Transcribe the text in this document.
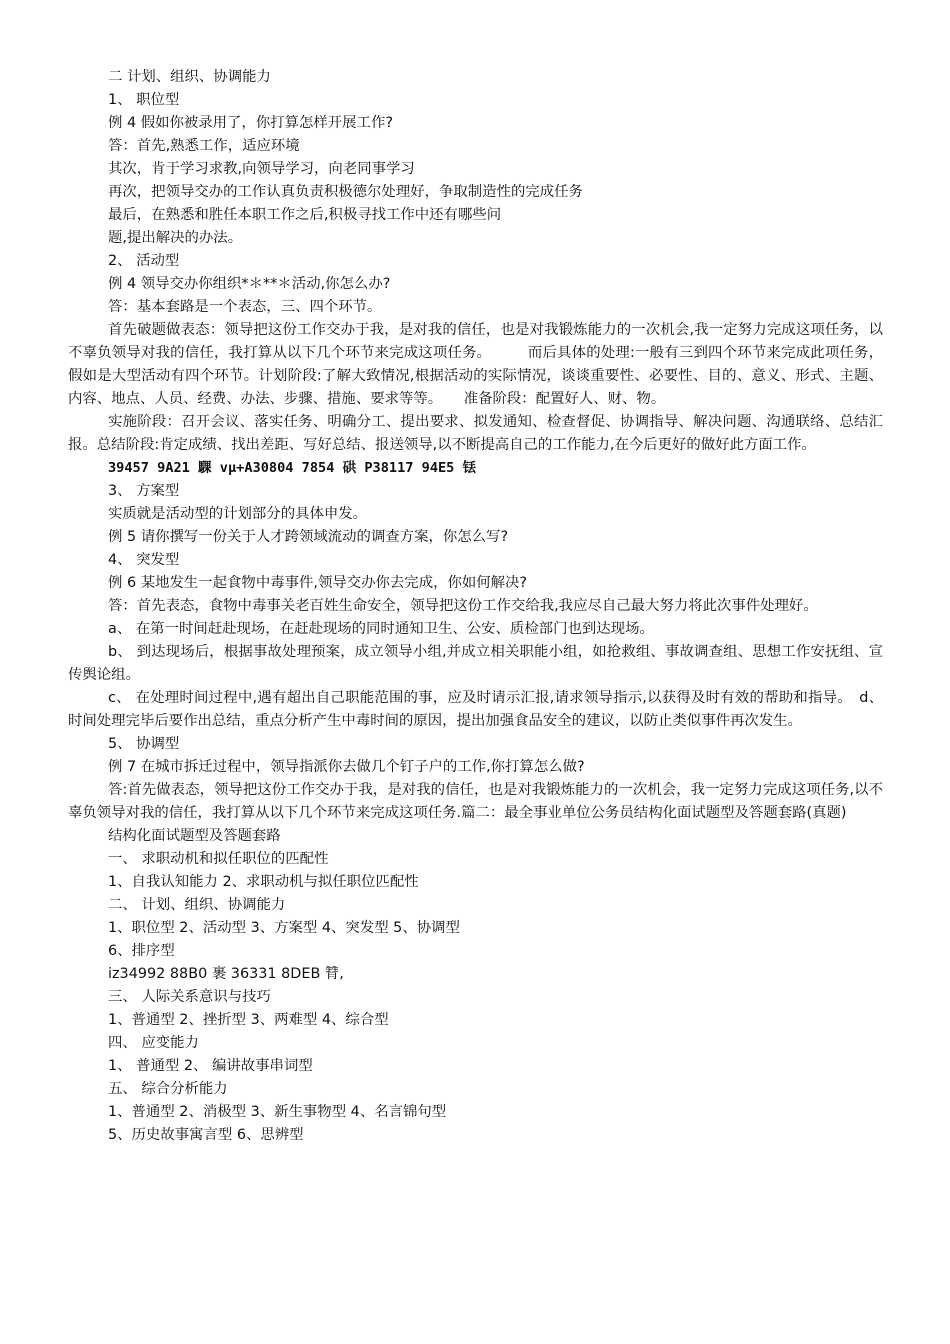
二 计划、组织、协调能力

1、 职位型

例 4 假如你被录用了，你打算怎样开展工作?

答：首先,熟悉工作，适应环境

其次，肯于学习求教,向领导学习，向老同事学习

再次，把领导交办的工作认真负责积极德尔处理好，争取制造性的完成任务

最后，在熟悉和胜任本职工作之后,积极寻找工作中还有哪些问

题,提出解决的办法。

2、 活动型

例 4 领导交办你组织*＊**＊活动,你怎么办?

答：基本套路是一个表态，三、四个环节。

首先破题做表态：领导把这份工作交办于我，是对我的信任，也是对我锻炼能力的一次机会,我一定努力完成这项任务，以不辜负领导对我的信任，我打算从以下几个环节来完成这项任务。　　　而后具体的处理:一般有三到四个环节来完成此项任务，假如是大型活动有四个环节。计划阶段:了解大致情况,根据活动的实际情况，谈谈重要性、必要性、目的、意义、形式、主题、内容、地点、人员、经费、办法、步骤、措施、要求等等。　　准备阶段：配置好人、财、物。

实施阶段：召开会议、落实任务、明确分工、提出要求、拟发通知、检查督促、协调指导、解决问题、沟通联络、总结汇报。总结阶段:肯定成绩、找出差距、写好总结、报送领导,以不断提高自己的工作能力,在今后更好的做好此方面工作。

39457 9A21 騍 vμ+A30804 7854 硔 P38117 94E5 铥

3、 方案型

实质就是活动型的计划部分的具体申发。

例 5 请你撰写一份关于人才跨领域流动的调查方案，你怎么写?

4、 突发型

例 6 某地发生一起食物中毒事件,领导交办你去完成，你如何解决?

答：首先表态，食物中毒事关老百姓生命安全，领导把这份工作交给我,我应尽自己最大努力将此次事件处理好。

a、 在第一时间赶赴现场，在赶赴现场的同时通知卫生、公安、质检部门也到达现场。

b、 到达现场后，根据事故处理预案，成立领导小组,并成立相关职能小组，如抢救组、事故调查组、思想工作安抚组、宣传舆论组。

c、 在处理时间过程中,遇有超出自己职能范围的事，应及时请示汇报,请求领导指示,以获得及时有效的帮助和指导。　d、 时间处理完毕后要作出总结，重点分析产生中毒时间的原因，提出加强食品安全的建议，以防止类似事件再次发生。

5、 协调型

例 7 在城市拆迁过程中，领导指派你去做几个钉子户的工作,你打算怎么做?

答:首先做表态，领导把这份工作交办于我，是对我的信任，也是对我锻炼能力的一次机会，我一定努力完成这项任务,以不辜负领导对我的信任，我打算从以下几个环节来完成这项任务.篇二：最全事业单位公务员结构化面试题型及答题套路(真题)

结构化面试题型及答题套路

一、 求职动机和拟任职位的匹配性

1、自我认知能力 2、求职动机与拟任职位匹配性

二、 计划、组织、协调能力

1、职位型 2、活动型 3、方案型 4、突发型 5、协调型

6、排序型

iz34992 88B0 裹 36331 8DEB 甧,

三、 人际关系意识与技巧

1、普通型 2、挫折型 3、两难型 4、综合型

四、 应变能力

1、 普通型 2、 编讲故事串词型

五、 综合分析能力

1、普通型 2、消极型 3、新生事物型 4、名言锦句型

5、历史故事寓言型 6、思辨型
